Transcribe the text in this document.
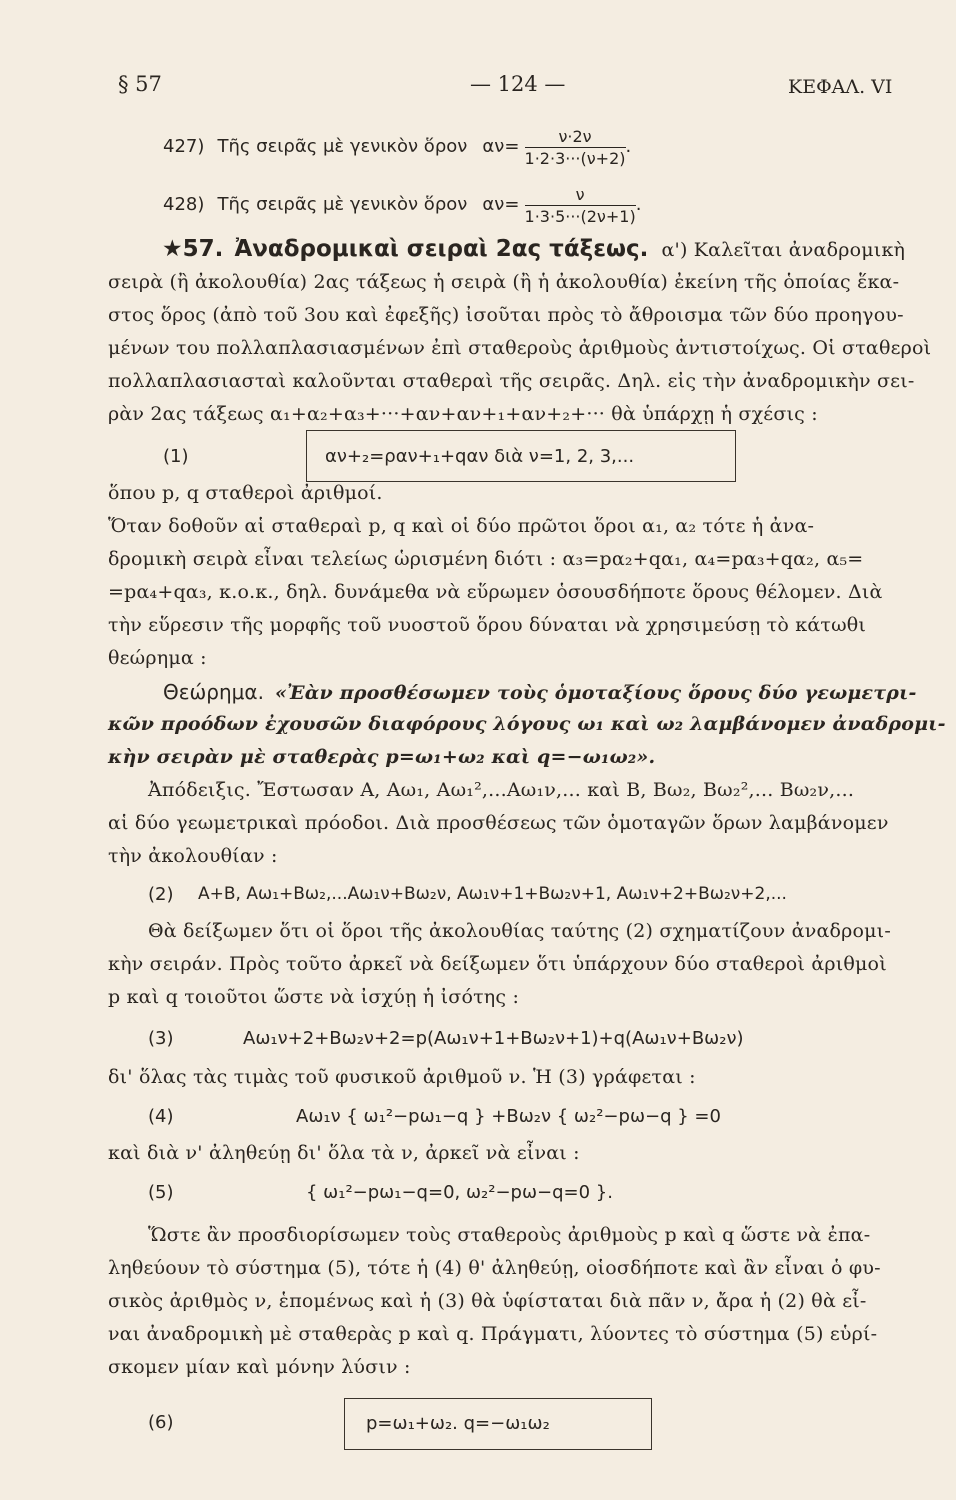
§ 57	— 124 —	ΚΕΦΑΛ. VI
427) Τῆς σειρᾶς μὲ γενικὸν ὅρον $\alpha\nu= \frac{\nu\cdot 2\nu}{1\cdot 2\cdot 3\cdot\cdot\cdot(\nu+2)}$ .
428) Τῆς σειρᾶς μὲ γενικὸν ὅρον $\alpha\nu= \frac{\nu}{1\cdot 3\cdot 5\cdot\cdot\cdot(2\nu+1)}$ .
★57. Ἀναδρομικαὶ σειραὶ 2ας τάξεως. α') Καλεῖται ἀναδρομικὴ
σειρὰ (ἢ ἀκολουθία) 2ας τάξεως ἡ σειρὰ (ἢ ἡ ἀκολουθία) ἐκείνη τῆς ὁποίας ἕκα-
στος ὅρος (ἀπὸ τοῦ 3ου καὶ ἐφεξῆς) ἰσοῦται πρὸς τὸ ἄθροισμα τῶν δύο προηγου-
μένων του πολλαπλασιασμένων ἐπὶ σταθεροὺς ἀριθμοὺς ἀντιστοίχως. Οἱ σταθεροὶ
πολλαπλασιασταὶ καλοῦνται σταθεραὶ τῆς σειρᾶς. Δηλ. εἰς τὴν ἀναδρομικὴν σει-
ρὰν 2ας τάξεως α₁+α₂+α₃+···+αν+αν+₁+αν+₂+··· θὰ ὑπάρχῃ ἡ σχέσις :
(1)	αν+₂=ραν+₁+qαν διὰ ν=1, 2, 3,...
ὅπου p, q σταθεροὶ ἀριθμοί.
Ὅταν δοθοῦν αἱ σταθεραὶ p, q καὶ οἱ δύο πρῶτοι ὅροι α₁, α₂ τότε ἡ ἀνα-
δρομικὴ σειρὰ εἶναι τελείως ὡρισμένη διότι : α₃=pα₂+qα₁, α₄=pα₃+qα₂, α₅=
=pα₄+qα₃, κ.ο.κ., δηλ. δυνάμεθα νὰ εὕρωμεν ὁσουσδήποτε ὅρους θέλομεν. Διὰ
τὴν εὕρεσιν τῆς μορφῆς τοῦ νυοστοῦ ὅρου δύναται νὰ χρησιμεύσῃ τὸ κάτωθι
θεώρημα :
Θεώρημα. «Ἐὰν προσθέσωμεν τοὺς ὁμοταξίους ὅρους δύο γεωμετρι-
κῶν προόδων ἐχουσῶν διαφόρους λόγους ω₁ καὶ ω₂ λαμβάνομεν ἀναδρομι-
κὴν σειρὰν μὲ σταθερὰς p=ω₁+ω₂ καὶ q=−ω₁ω₂».
Ἀπόδειξις. Ἔστωσαν A, Aω₁, Aω₁²,...Aω₁ν,... καὶ B, Bω₂, Bω₂²,... Bω₂ν,...
αἱ δύο γεωμετρικαὶ πρόοδοι. Διὰ προσθέσεως τῶν ὁμοταγῶν ὅρων λαμβάνομεν
τὴν ἀκολουθίαν :
(2) A+B, Aω₁+Bω₂,...Aω₁ν+Bω₂ν, Aω₁ν+1+Bω₂ν+1, Aω₁ν+2+Bω₂ν+2,...
Θὰ δείξωμεν ὅτι οἱ ὅροι τῆς ἀκολουθίας ταύτης (2) σχηματίζουν ἀναδρομι-
κὴν σειράν. Πρὸς τοῦτο ἀρκεῖ νὰ δείξωμεν ὅτι ὑπάρχουν δύο σταθεροὶ ἀριθμοὶ
p καὶ q τοιοῦτοι ὥστε νὰ ἰσχύῃ ἡ ἰσότης :
(3)	Aω₁ν+2+Bω₂ν+2=p(Aω₁ν+1+Bω₂ν+1)+q(Aω₁ν+Bω₂ν)
δι' ὅλας τὰς τιμὰς τοῦ φυσικοῦ ἀριθμοῦ ν. Ἡ (3) γράφεται :
(4)	Aω₁ν { ω₁²−pω₁−q } +Bω₂ν { ω₂²−pω−q } =0
καὶ διὰ ν' ἀληθεύῃ δι' ὅλα τὰ ν, ἀρκεῖ νὰ εἶναι :
(5)	{ ω₁²−pω₁−q=0, ω₂²−pω−q=0 }.
Ὥστε ἂν προσδιορίσωμεν τοὺς σταθεροὺς ἀριθμοὺς p καὶ q ὥστε νὰ ἐπα-
ληθεύουν τὸ σύστημα (5), τότε ἡ (4) θ' ἀληθεύῃ, οἱοσδήποτε καὶ ἂν εἶναι ὁ φυ-
σικὸς ἀριθμὸς ν, ἑπομένως καὶ ἡ (3) θὰ ὑφίσταται διὰ πᾶν ν, ἄρα ἡ (2) θὰ εἶ-
ναι ἀναδρομικὴ μὲ σταθερὰς p καὶ q. Πράγματι, λύοντες τὸ σύστημα (5) εὑρί-
σκομεν μίαν καὶ μόνην λύσιν :
(6)	p=ω₁+ω₂. q=−ω₁ω₂
